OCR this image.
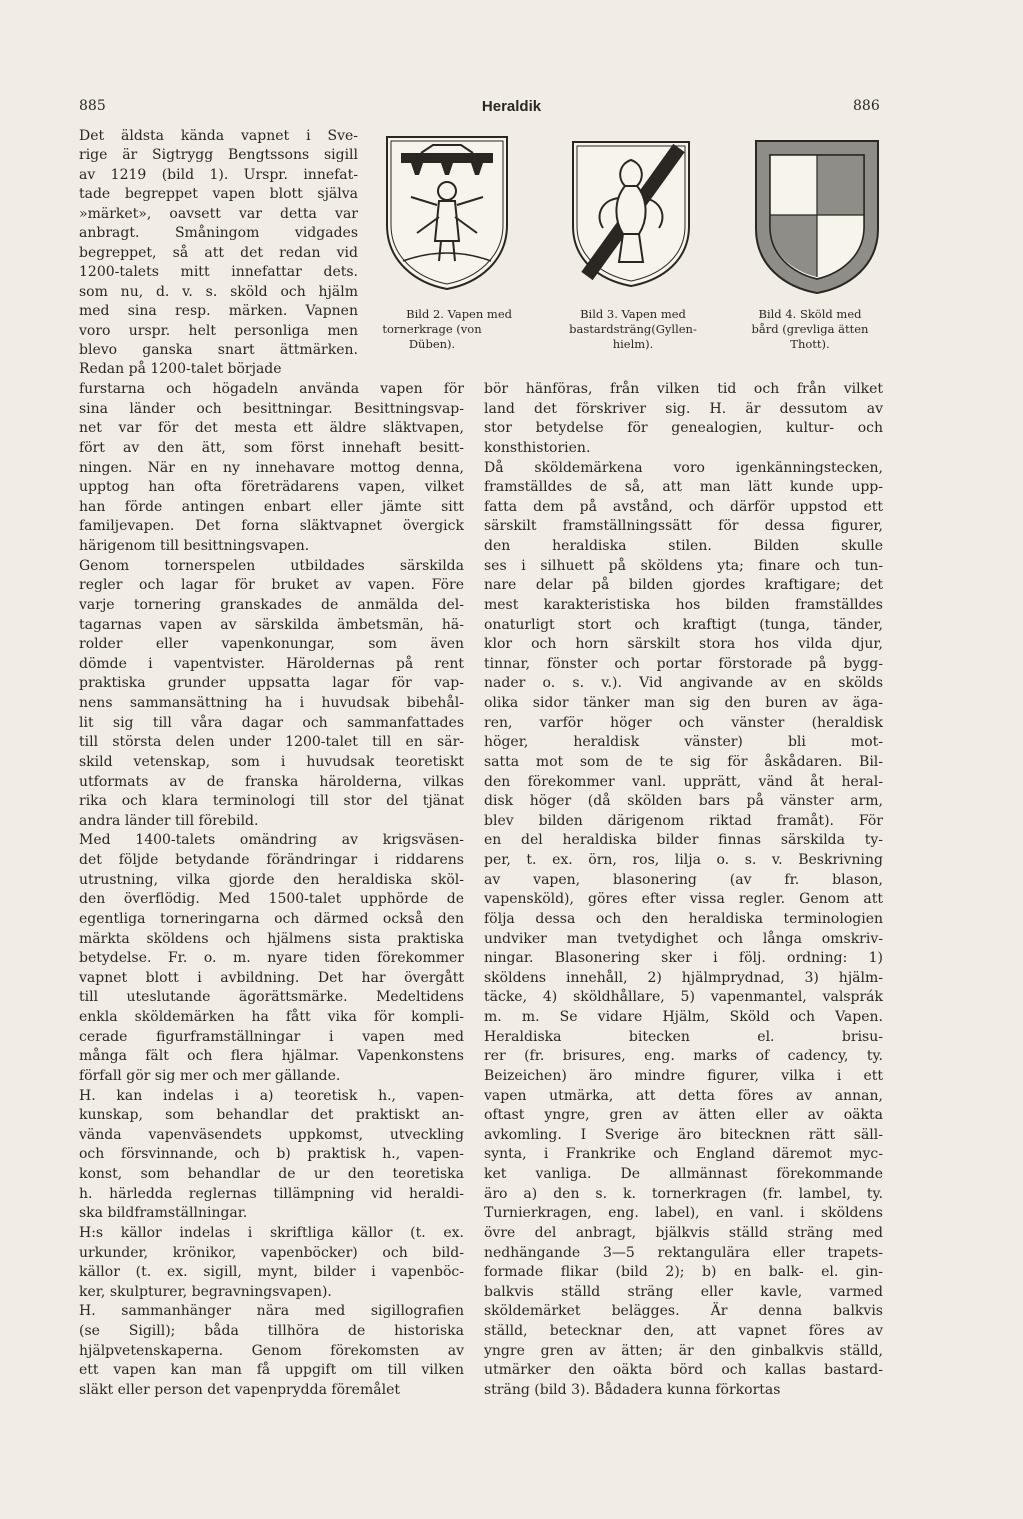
885	Heraldik	886
Bild 2. Vapen med
tornerkrage (von
Düben).
Bild 3. Vapen med
bastardsträng(Gyllen-
hielm).
Bild 4. Sköld med
bård (grevliga ätten
Thott).
Det äldsta kända vapnet i Sve-
rige är Sigtrygg Bengtssons sigill
av 1219 (bild 1). Urspr. innefat-
tade begreppet vapen blott själva
»märket», oavsett var detta var
anbragt. Småningom vidgades
begreppet, så att det redan vid
1200-talets mitt innefattar dets.
som nu, d. v. s. sköld och hjälm
med sina resp. märken. Vapnen
voro urspr. helt personliga men
blevo ganska snart ättmärken.
Redan på 1200-talet började
furstarna och högadeln använda vapen för
sina länder och besittningar. Besittningsvap-
net var för det mesta ett äldre släktvapen,
fört av den ätt, som först innehaft besitt-
ningen. När en ny innehavare mottog denna,
upptog han ofta företrädarens vapen, vilket
han förde antingen enbart eller jämte sitt
familjevapen. Det forna släktvapnet övergick
härigenom till besittningsvapen.
Genom tornerspelen utbildades särskilda
regler och lagar för bruket av vapen. Före
varje tornering granskades de anmälda del-
tagarnas vapen av särskilda ämbetsmän, hä-
rolder eller vapenkonungar, som även
dömde i vapentvister. Häroldernas på rent
praktiska grunder uppsatta lagar för vap-
nens sammansättning ha i huvudsak bibehål-
lit sig till våra dagar och sammanfattades
till största delen under 1200-talet till en sär-
skild vetenskap, som i huvudsak teoretiskt
utformats av de franska härolderna, vilkas
rika och klara terminologi till stor del tjänat
andra länder till förebild.
Med 1400-talets omändring av krigsväsen-
det följde betydande förändringar i riddarens
utrustning, vilka gjorde den heraldiska sköl-
den överflödig. Med 1500-talet upphörde de
egentliga torneringarna och därmed också den
märkta sköldens och hjälmens sista praktiska
betydelse. Fr. o. m. nyare tiden förekommer
vapnet blott i avbildning. Det har övergått
till uteslutande ägorättsmärke. Medeltidens
enkla sköldemärken ha fått vika för kompli-
cerade figurframställningar i vapen med
många fält och flera hjälmar. Vapenkonstens
förfall gör sig mer och mer gällande.
H. kan indelas i a) teoretisk h., vapen-
kunskap, som behandlar det praktiskt an-
vända vapenväsendets uppkomst, utveckling
och försvinnande, och b) praktisk h., vapen-
konst, som behandlar de ur den teoretiska
h. härledda reglernas tillämpning vid heraldi-
ska bildframställningar.
H:s källor indelas i skriftliga källor (t. ex.
urkunder, krönikor, vapenböcker) och bild-
källor (t. ex. sigill, mynt, bilder i vapenböc-
ker, skulpturer, begravningsvapen).
H. sammanhänger nära med sigillografien
(se Sigill); båda tillhöra de historiska
hjälpvetenskaperna. Genom förekomsten av
ett vapen kan man få uppgift om till vilken
släkt eller person det vapenprydda föremålet
bör hänföras, från vilken tid och från vilket
land det förskriver sig. H. är dessutom av
stor betydelse för genealogien, kultur- och
konsthistorien.
Då sköldemärkena voro igenkänningstecken,
framställdes de så, att man lätt kunde upp-
fatta dem på avstånd, och därför uppstod ett
särskilt framställningssätt för dessa figurer,
den heraldiska stilen. Bilden skulle
ses i silhuett på sköldens yta; finare och tun-
nare delar på bilden gjordes kraftigare; det
mest karakteristiska hos bilden framställdes
onaturligt stort och kraftigt (tunga, tänder,
klor och horn särskilt stora hos vilda djur,
tinnar, fönster och portar förstorade på bygg-
nader o. s. v.). Vid angivande av en skölds
olika sidor tänker man sig den buren av äga-
ren, varför höger och vänster (heraldisk
höger, heraldisk vänster) bli mot-
satta mot som de te sig för åskådaren. Bil-
den förekommer vanl. upprätt, vänd åt heral-
disk höger (då skölden bars på vänster arm,
blev bilden därigenom riktad framåt). För
en del heraldiska bilder finnas särskilda ty-
per, t. ex. örn, ros, lilja o. s. v. Beskrivning
av vapen, blasonering (av fr. blason,
vapensköld), göres efter vissa regler. Genom att
följa dessa och den heraldiska terminologien
undviker man tvetydighet och långa omskriv-
ningar. Blasonering sker i följ. ordning: 1)
sköldens innehåll, 2) hjälmprydnad, 3) hjälm-
täcke, 4) sköldhållare, 5) vapenmantel, valsprák
m. m. Se vidare Hjälm, Sköld och Vapen.
Heraldiska bitecken el. brisu-
rer (fr. brisures, eng. marks of cadency, ty.
Beizeichen) äro mindre figurer, vilka i ett
vapen utmärka, att detta föres av annan,
oftast yngre, gren av ätten eller av oäkta
avkomling. I Sverige äro bitecknen rätt säll-
synta, i Frankrike och England däremot myc-
ket vanliga. De allmännast förekommande
äro a) den s. k. tornerkragen (fr. lambel, ty.
Turnierkragen, eng. label), en vanl. i sköldens
övre del anbragt, bjälkvis ställd sträng med
nedhängande 3—5 rektangulära eller trapets-
formade flikar (bild 2); b) en balk- el. gin-
balkvis ställd sträng eller kavle, varmed
sköldemärket belägges. Är denna balkvis
ställd, betecknar den, att vapnet föres av
yngre gren av ätten; är den ginbalkvis ställd,
utmärker den oäkta börd och kallas bastard-
sträng (bild 3). Bådadera kunna förkortas
